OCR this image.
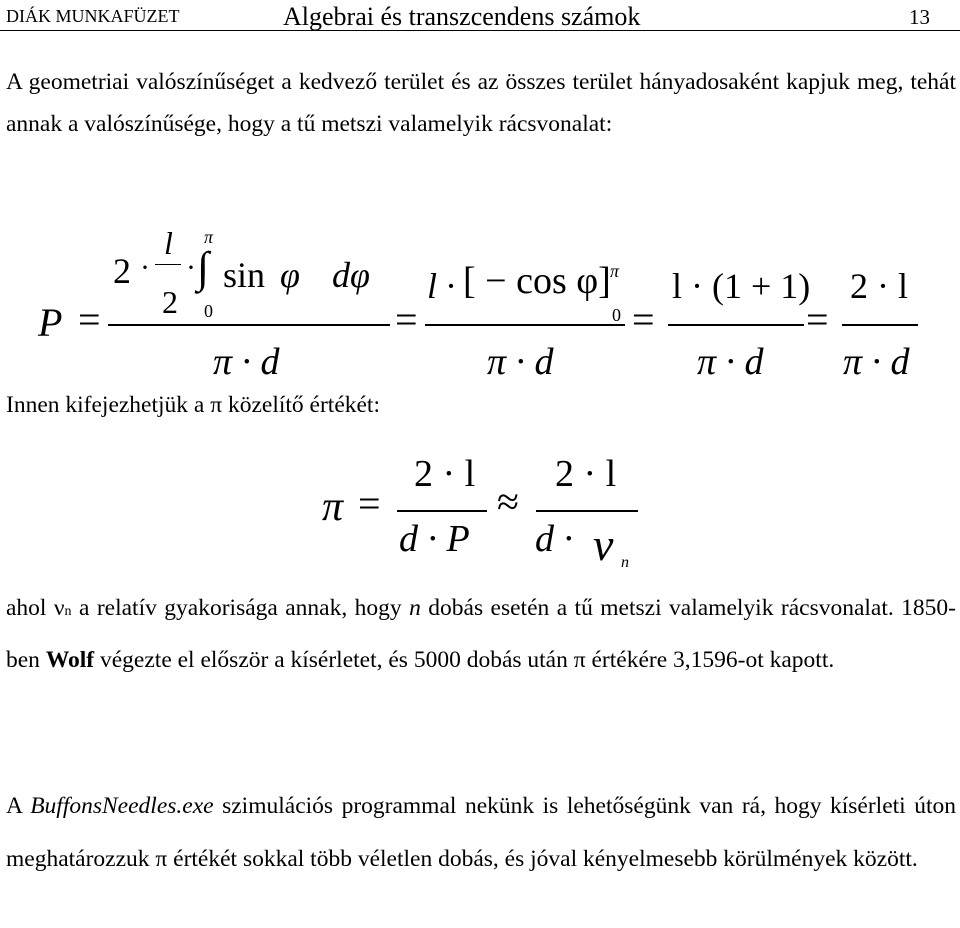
DIÁK MUNKAFÜZET	Algebrai és transzcendens számok	13

A geometriai valószínűséget a kedvező terület és az összes terület hányadosaként kapjuk meg, tehát annak a valószínűsége, hogy a tű metszi valamelyik rácsvonalat:

P =
2 ·
l
2
·
π
∫
0
sin φ dφ
π · d
=
l · [ − cos φ] π
0
π · d
=
l · (1 + 1)
π · d
=
2 · l
π · d

Innen kifejezhetjük a π közelítő értékét:

π =
2 · l
d · P
≈
2 · l
d · ν n

ahol νn a relatív gyakorisága annak, hogy n dobás esetén a tű metszi valamelyik rácsvonalat. 1850-ben Wolf végezte el először a kísérletet, és 5000 dobás után π értékére 3,1596-ot kapott.

A BuffonsNeedles.exe szimulációs programmal nekünk is lehetőségünk van rá, hogy kísérleti úton meghatározzuk π értékét sokkal több véletlen dobás, és jóval kényelmesebb körülmények között.
